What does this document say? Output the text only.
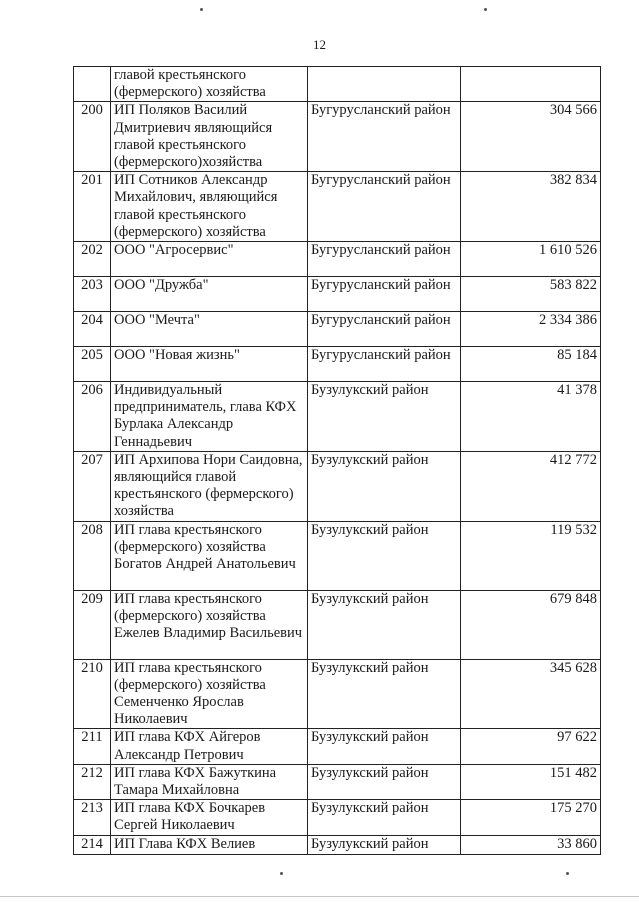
12
	главой крестьянского (фермерского) хозяйства		
200	ИП Поляков Василий Дмитриевич являющийся главой крестьянского (фермерского)хозяйства	Бугурусланский район	304 566
201	ИП Сотников Александр Михайлович, являющийся главой крестьянского (фермерского) хозяйства	Бугурусланский район	382 834
202	ООО "Агросервис"	Бугурусланский район	1 610 526
203	ООО "Дружба"	Бугурусланский район	583 822
204	ООО "Мечта"	Бугурусланский район	2 334 386
205	ООО "Новая жизнь"	Бугурусланский район	85 184
206	Индивидуальный предприниматель, глава КФХ Бурлака Александр Геннадьевич	Бузулукский район	41 378
207	ИП Архипова Нори Саидовна, являющийся главой крестьянского (фермерского) хозяйства	Бузулукский район	412 772
208	ИП глава крестьянского (фермерского) хозяйства Богатов Андрей Анатольевич	Бузулукский район	119 532
209	ИП глава крестьянского (фермерского) хозяйства Ежелев Владимир Васильевич	Бузулукский район	679 848
210	ИП глава крестьянского (фермерского) хозяйства Семенченко Ярослав Николаевич	Бузулукский район	345 628
211	ИП глава КФХ Айгеров Александр Петрович	Бузулукский район	97 622
212	ИП глава КФХ Бажуткина Тамара Михайловна	Бузулукский район	151 482
213	ИП глава КФХ Бочкарев Сергей Николаевич	Бузулукский район	175 270
214	ИП Глава КФХ Велиев	Бузулукский район	33 860
